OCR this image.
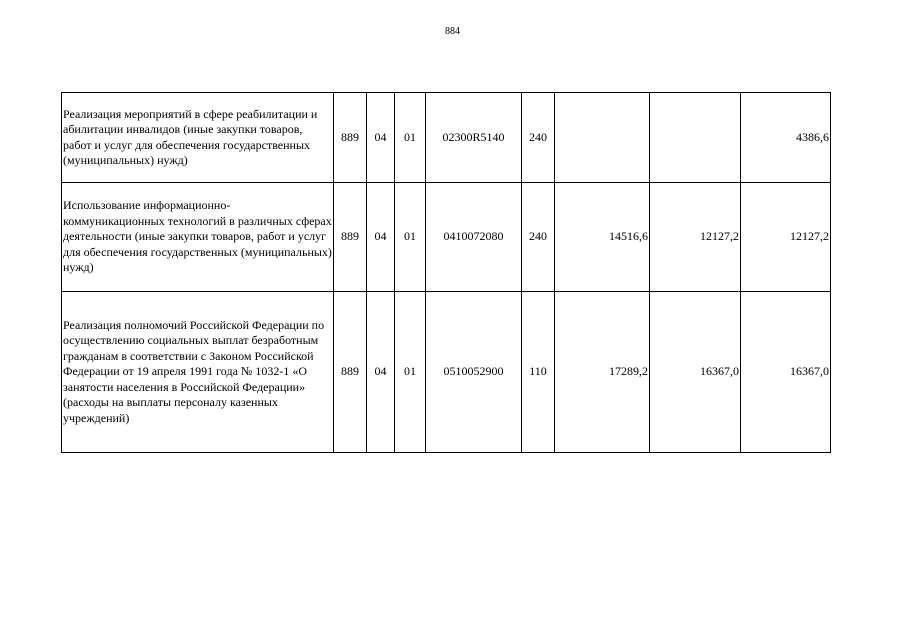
884
Реализация мероприятий в сфере реабилитации и абилитации инвалидов (иные закупки товаров, работ и услуг для обеспечения государственных (муниципальных) нужд)	889	04	01	02300R5140	240			4386,6
Использование информационно-коммуникационных технологий в различных сферах деятельности (иные закупки товаров, работ и услуг для обеспечения государственных (муниципальных) нужд)	889	04	01	0410072080	240	14516,6	12127,2	12127,2
Реализация полномочий Российской Федерации по осуществлению социальных выплат безработным гражданам в соответствии с Законом Российской Федерации от 19 апреля 1991 года № 1032-1 «О занятости населения в Российской Федерации» (расходы на выплаты персоналу казенных учреждений)	889	04	01	0510052900	110	17289,2	16367,0	16367,0
